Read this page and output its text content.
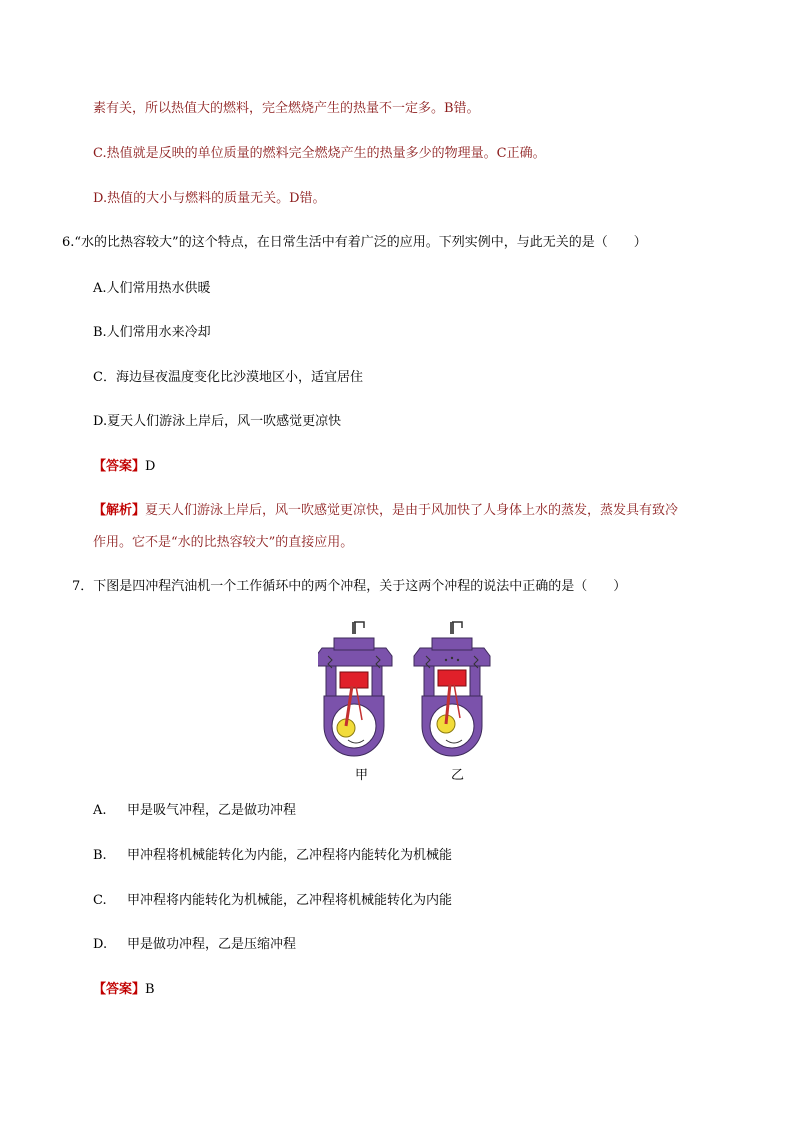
素有关，所以热值大的燃料，完全燃烧产生的热量不一定多。B错。
C.热值就是反映的单位质量的燃料完全燃烧产生的热量多少的物理量。C正确。
D.热值的大小与燃料的质量无关。D错。
6.“水的比热容较大”的这个特点，在日常生活中有着广泛的应用。下列实例中，与此无关的是（　　）
A.人们常用热水供暖
B.人们常用水来冷却
C．海边昼夜温度变化比沙漠地区小，适宜居住
D.夏天人们游泳上岸后，风一吹感觉更凉快
【答案】D
【解析】夏天人们游泳上岸后，风一吹感觉更凉快，是由于风加快了人身体上水的蒸发，蒸发具有致冷
作用。它不是“水的比热容较大”的直接应用。
7．下图是四冲程汽油机一个工作循环中的两个冲程，关于这两个冲程的说法中正确的是（　　）
甲	乙
A. 甲是吸气冲程，乙是做功冲程
B. 甲冲程将机械能转化为内能，乙冲程将内能转化为机械能
C. 甲冲程将内能转化为机械能，乙冲程将机械能转化为内能
D. 甲是做功冲程，乙是压缩冲程
【答案】B
